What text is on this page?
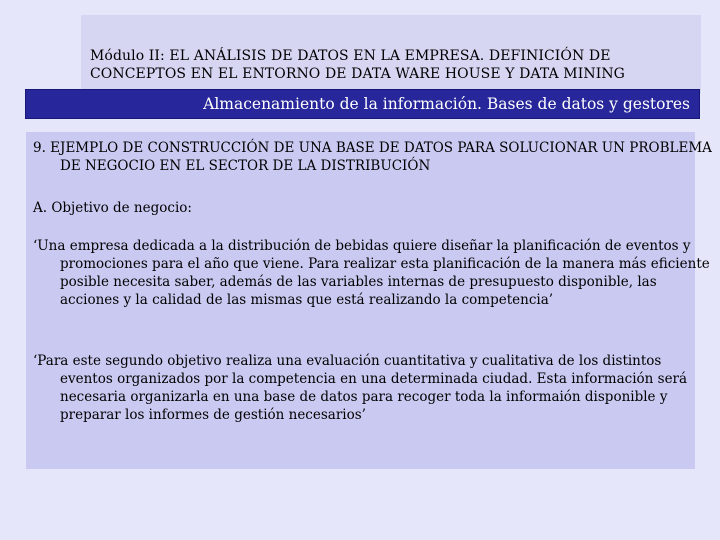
Módulo II: EL ANÁLISIS DE DATOS EN LA EMPRESA. DEFINICIÓN DE
CONCEPTOS EN EL ENTORNO DE DATA WARE HOUSE Y DATA MINING
Almacenamiento de la información. Bases de datos y gestores
9. EJEMPLO DE CONSTRUCCIÓN DE UNA BASE DE DATOS PARA SOLUCIONAR UN PROBLEMA DE NEGOCIO EN EL SECTOR DE LA DISTRIBUCIÓN
A. Objetivo de negocio:
‘Una empresa dedicada a la distribución de bebidas quiere diseñar la planificación de eventos y promociones para el año que viene. Para realizar esta planificación de la manera más eficiente posible necesita saber, además de las variables internas de presupuesto disponible, las acciones y la calidad de las mismas que está realizando la competencia’
‘Para este segundo objetivo realiza una evaluación cuantitativa y cualitativa de los distintos eventos organizados por la competencia en una determinada ciudad. Esta información será necesaria organizarla en una base de datos para recoger toda la informaión disponible y preparar los informes de gestión necesarios’
